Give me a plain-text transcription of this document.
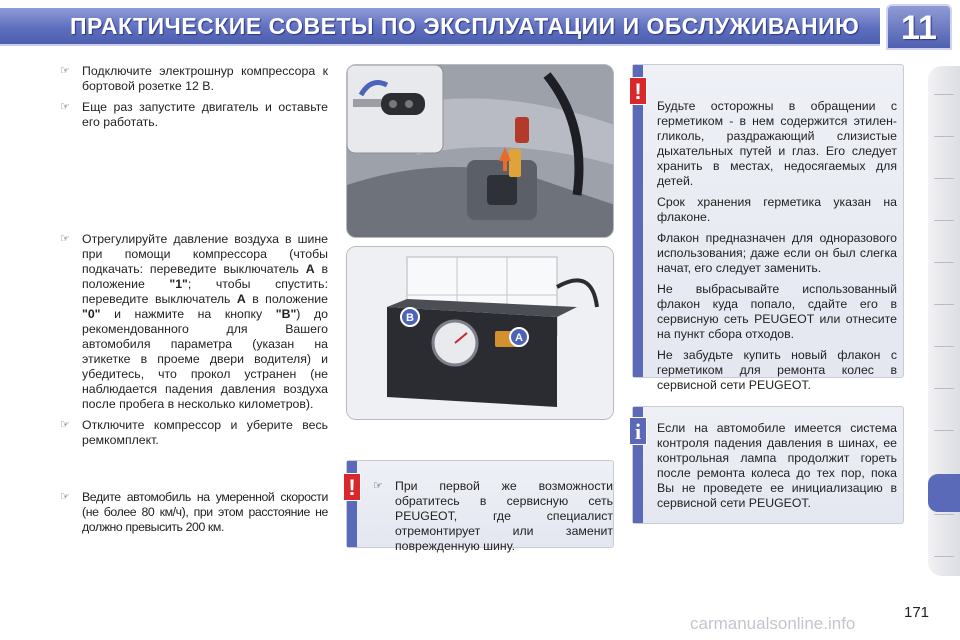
ПРАКТИЧЕСКИЕ СОВЕТЫ ПО ЭКСПЛУАТАЦИИ И ОБСЛУЖИВАНИЮ	11
☞ Подключите электрошнур компрессора к бортовой розетке 12 В.
☞ Еще раз запустите двигатель и оставьте его работать.
☞ Отрегулируйте давление воздуха в шине при помощи компрессора (чтобы подкачать: переведите выключатель A в положение "1"; чтобы спустить: переведите выключатель A в положение "0" и нажмите на кнопку "B") до рекомендованного для Вашего автомобиля параметра (указан на этикетке в проеме двери водителя) и убедитесь, что прокол устранен (не наблюдается падения давления воздуха после пробега в несколько километров).
☞ Отключите компрессор и уберите весь ремкомплект.
☞ Ведите автомобиль на умеренной скорости (не более 80 км/ч), при этом расстояние не должно превысить 200 км.
B
A
!	☞ При первой же возможности обратитесь в сервисную сеть PEUGEOT, где специалист отремонтирует или заменит поврежденную шину.
!

Будьте осторожны в обращении с герметиком - в нем содержится этилен-гликоль, раздражающий слизистые дыхательных путей и глаз. Его следует хранить в местах, недосягаемых для детей.

Срок хранения герметика указан на флаконе.

Флакон предназначен для одноразового использования; даже если он был слегка начат, его следует заменить.

Не выбрасывайте использованный флакон куда попало, сдайте его в сервисную сеть PEUGEOT или отнесите на пункт сбора отходов.

Не забудьте купить новый флакон с герметиком для ремонта колес в сервисной сети PEUGEOT.

i	Если на автомобиле имеется система контроля падения давления в шинах, ее контрольная лампа продолжит гореть после ремонта колеса до тех пор, пока Вы не проведете ее инициализацию в сервисной сети PEUGEOT.
171
carmanualsonline.info
